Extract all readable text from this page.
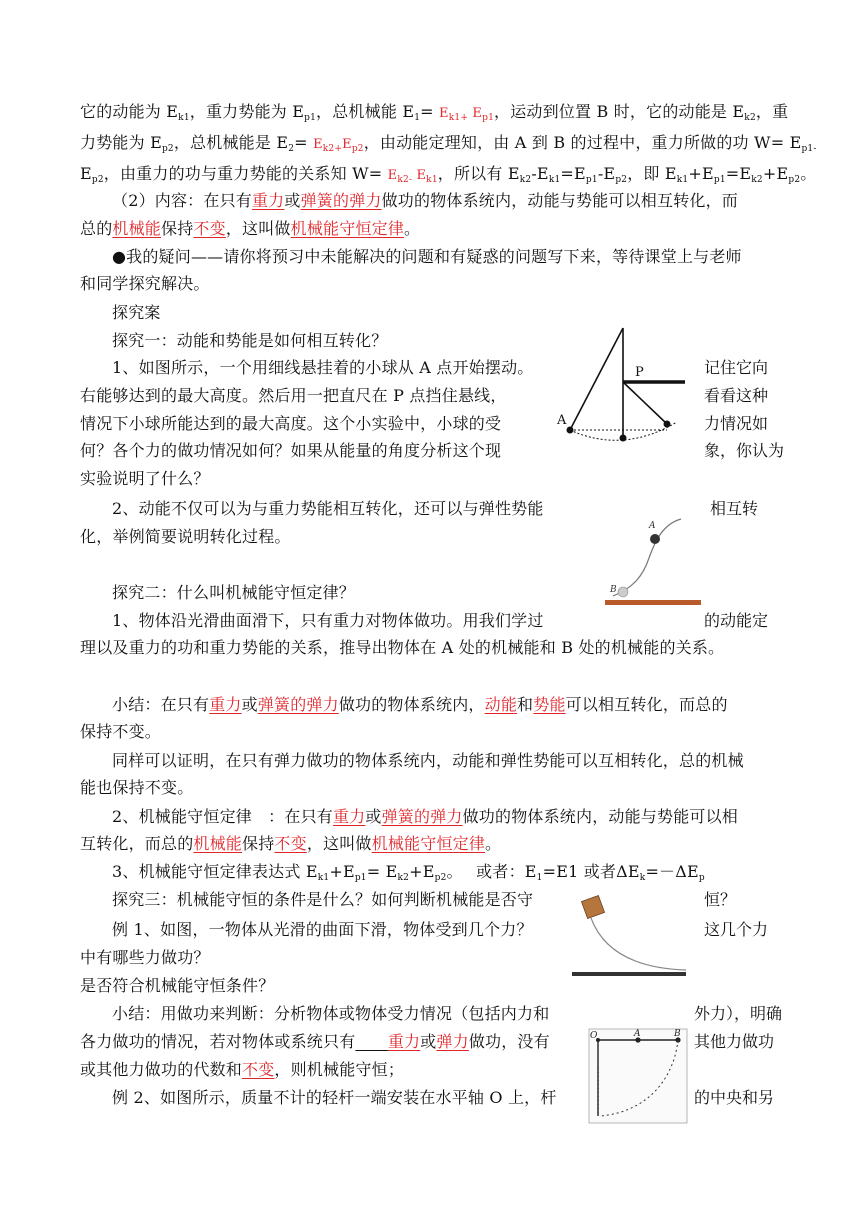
它的动能为 $E_{k1}$，重力势能为 $E_{p1}$，总机械能 $E_1= E_{k1+}$ $E_{p1}$，运动到位置 B 时，它的动能是 $E_{k2}$，重
力势能为 $E_{p2}$，总机械能是 $E_2= E_{k2+}E_{p2}$，由动能定理知，由 A 到 B 的过程中，重力所做的功 $W= E_{p1-}$
$E_{p2}$，由重力的功与重力势能的关系知 $W= E_{k2-}$ $E_{k1}$，所以有 $E_{k2}-E_{k1}=E_{p1}-E_{p2}$，即 $E_{k1}+E_{p1}=E_{k2}+E_{p2}$。
（2）内容：在只有重力或弹簧的弹力做功的物体系统内，动能与势能可以相互转化，而
总的机械能保持不变，这叫做机械能守恒定律。
●我的疑问——请你将预习中未能解决的问题和有疑惑的问题写下来，等待课堂上与老师
和同学探究解决。
探究案
探究一：动能和势能是如何相互转化？
1、如图所示，一个用细线悬挂着的小球从 A 点开始摆动。	记住它向
右能够达到的最大高度。然后用一把直尺在 P 点挡住悬线，	看看这种
情况下小球所能达到的最大高度。这个小实验中，小球的受	力情况如
何？各个力的做功情况如何？如果从能量的角度分析这个现	象，你认为
实验说明了什么？
P
A
2、动能不仅可以为与重力势能相互转化，还可以与弹性势能	相互转
化，举例简要说明转化过程。
A
B
探究二：什么叫机械能守恒定律？
1、物体沿光滑曲面滑下，只有重力对物体做功。用我们学过	的动能定
理以及重力的功和重力势能的关系，推导出物体在 A 处的机械能和 B 处的机械能的关系。
小结：在只有重力或弹簧的弹力做功的物体系统内，动能和势能可以相互转化，而总的
保持不变。
同样可以证明，在只有弹力做功的物体系统内，动能和弹性势能可以互相转化，总的机械
能也保持不变。
2、机械能守恒定律　：在只有重力或弹簧的弹力做功的物体系统内，动能与势能可以相
互转化，而总的机械能保持不变，这叫做机械能守恒定律。
3、机械能守恒定律表达式 $E_{k1}+E_{p1}= E_{k2}+E_{p2}$。　 或者：$E_1=E1$ 或者$\Delta E_k=-\Delta E_p$
探究三：机械能守恒的条件是什么？如何判断机械能是否守	恒？
例 1、如图，一物体从光滑的曲面下滑，物体受到几个力？	这几个力
中有哪些力做功？
是否符合机械能守恒条件？
小结：用做功来判断：分析物体或物体受力情况（包括内力和	外力），明确
各力做功的情况，若对物体或系统只有　　 重力或弹力做功，没有	其他力做功
或其他力做功的代数和不变，则机械能守恒；
例 2、如图所示，质量不计的轻杆一端安装在水平轴 O 上，杆	的中央和另
O	A	B
